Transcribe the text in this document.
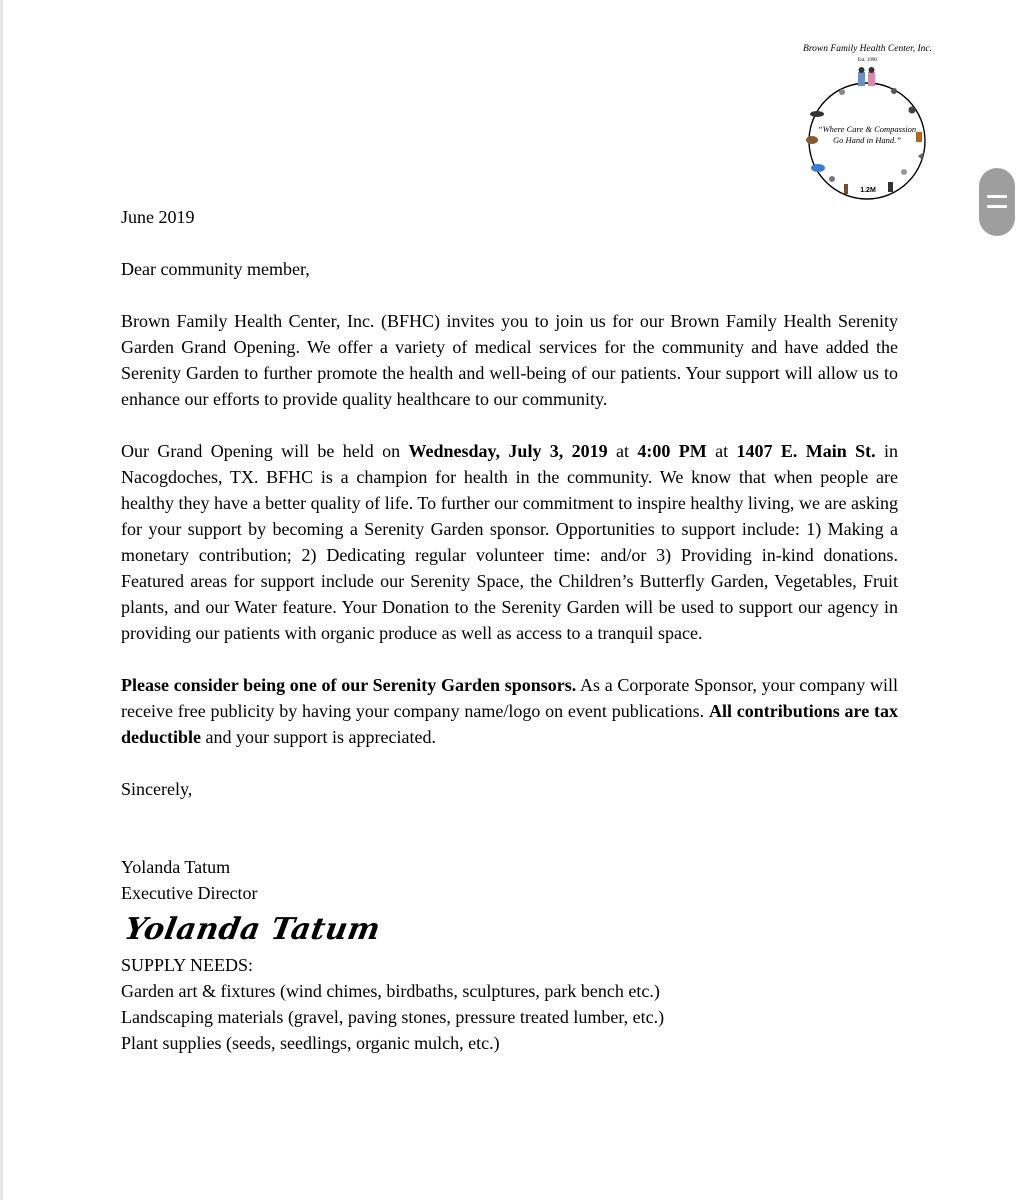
Brown Family Health Center, Inc.
Est. 1990
“Where Care & Compassion
Go Hand in Hand.”
1.2M

June 2019

Dear community member,

Brown Family Health Center, Inc. (BFHC) invites you to join us for our Brown Family Health Serenity Garden Grand Opening. We offer a variety of medical services for the community and have added the Serenity Garden to further promote the health and well-being of our patients. Your support will allow us to enhance our efforts to provide quality healthcare to our community.

Our Grand Opening will be held on Wednesday, July 3, 2019 at 4:00 PM at 1407 E. Main St. in Nacogdoches, TX. BFHC is a champion for health in the community. We know that when people are healthy they have a better quality of life. To further our commitment to inspire healthy living, we are asking for your support by becoming a Serenity Garden sponsor. Opportunities to support include: 1) Making a monetary contribution; 2) Dedicating regular volunteer time: and/or 3) Providing in-kind donations. Featured areas for support include our Serenity Space, the Children’s Butterfly Garden, Vegetables, Fruit plants, and our Water feature. Your Donation to the Serenity Garden will be used to support our agency in providing our patients with organic produce as well as access to a tranquil space.

Please consider being one of our Serenity Garden sponsors. As a Corporate Sponsor, your company will receive free publicity by having your company name/logo on event publications. All contributions are tax deductible and your support is appreciated.

Sincerely,

Yolanda Tatum

Executive Director

Yolanda Tatum

SUPPLY NEEDS:

Garden art & fixtures (wind chimes, birdbaths, sculptures, park bench etc.)
Landscaping materials (gravel, paving stones, pressure treated lumber, etc.)
Plant supplies (seeds, seedlings, organic mulch, etc.)
